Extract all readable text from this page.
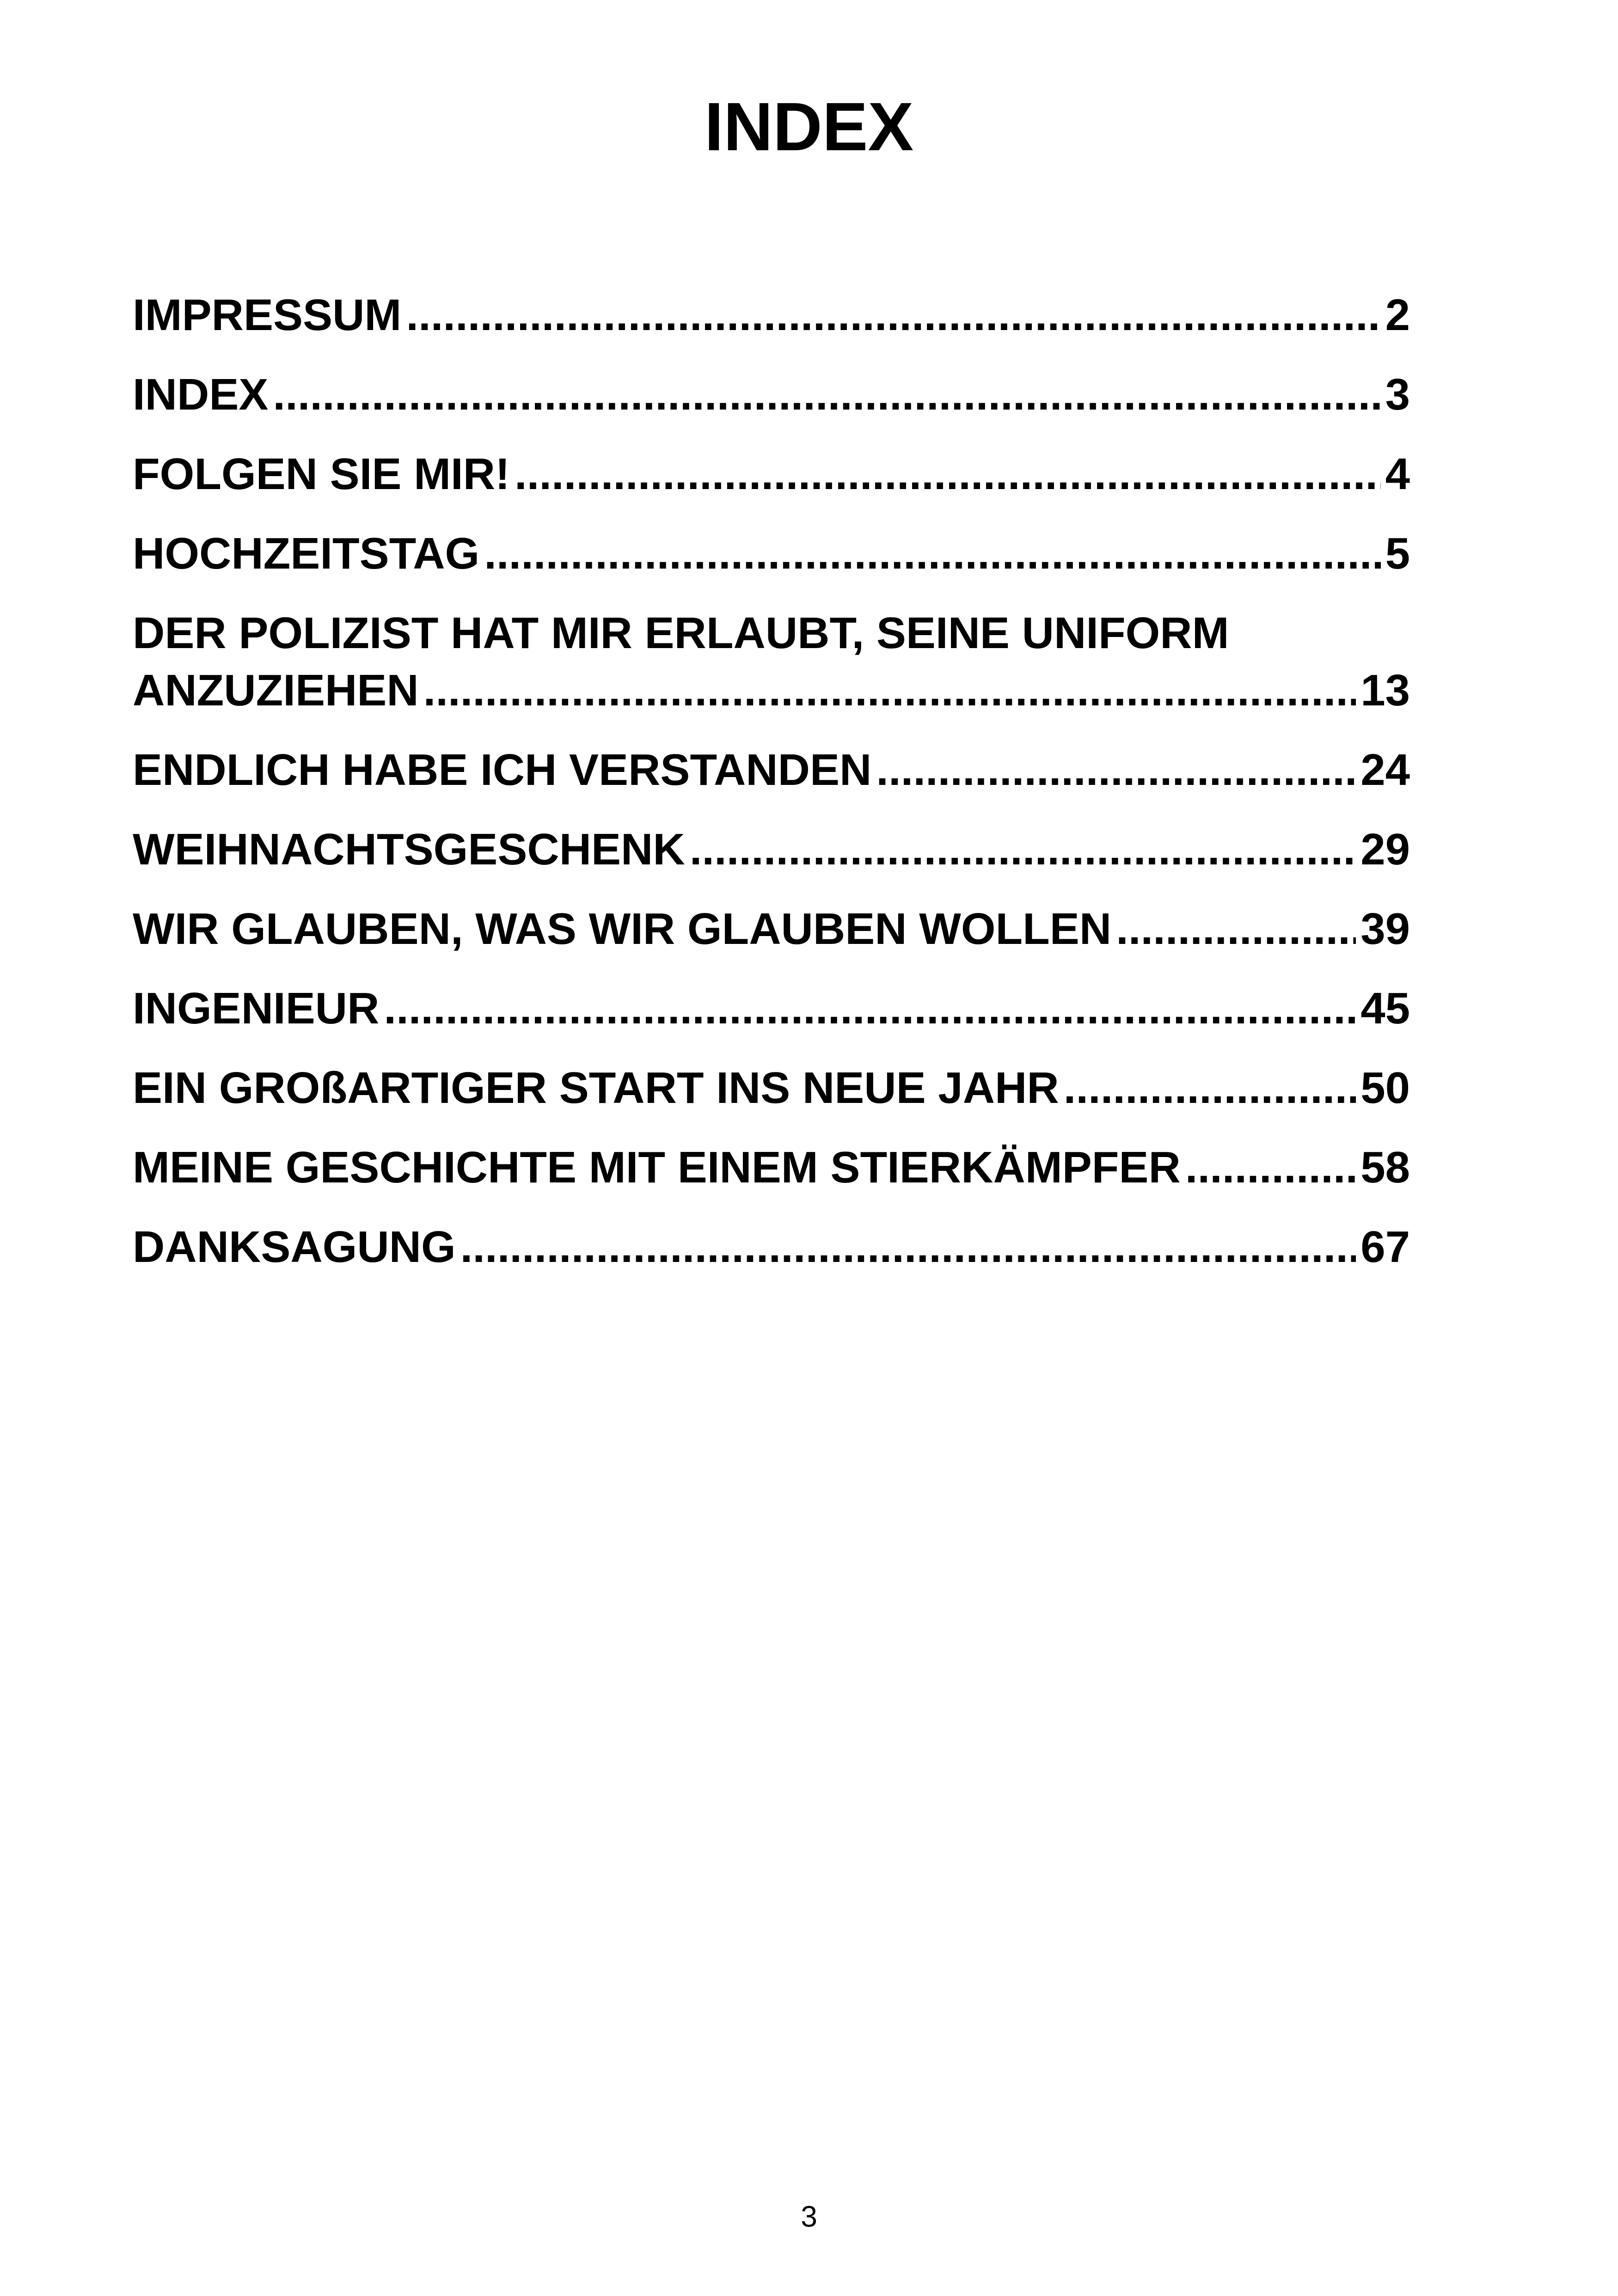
INDEX
IMPRESSUM .....	2
INDEX .....	3
FOLGEN SIE MIR! .....	4
HOCHZEITSTAG .....	5
DER POLIZIST HAT MIR ERLAUBT, SEINE UNIFORM
ANZUZIEHEN .....	13
ENDLICH HABE ICH VERSTANDEN .....	24
WEIHNACHTSGESCHENK .....	29
WIR GLAUBEN, WAS WIR GLAUBEN WOLLEN .....	39
INGENIEUR .....	45
EIN GROßARTIGER START INS NEUE JAHR .....	50
MEINE GESCHICHTE MIT EINEM STIERKÄMPFER .....	58
DANKSAGUNG .....	67

3
